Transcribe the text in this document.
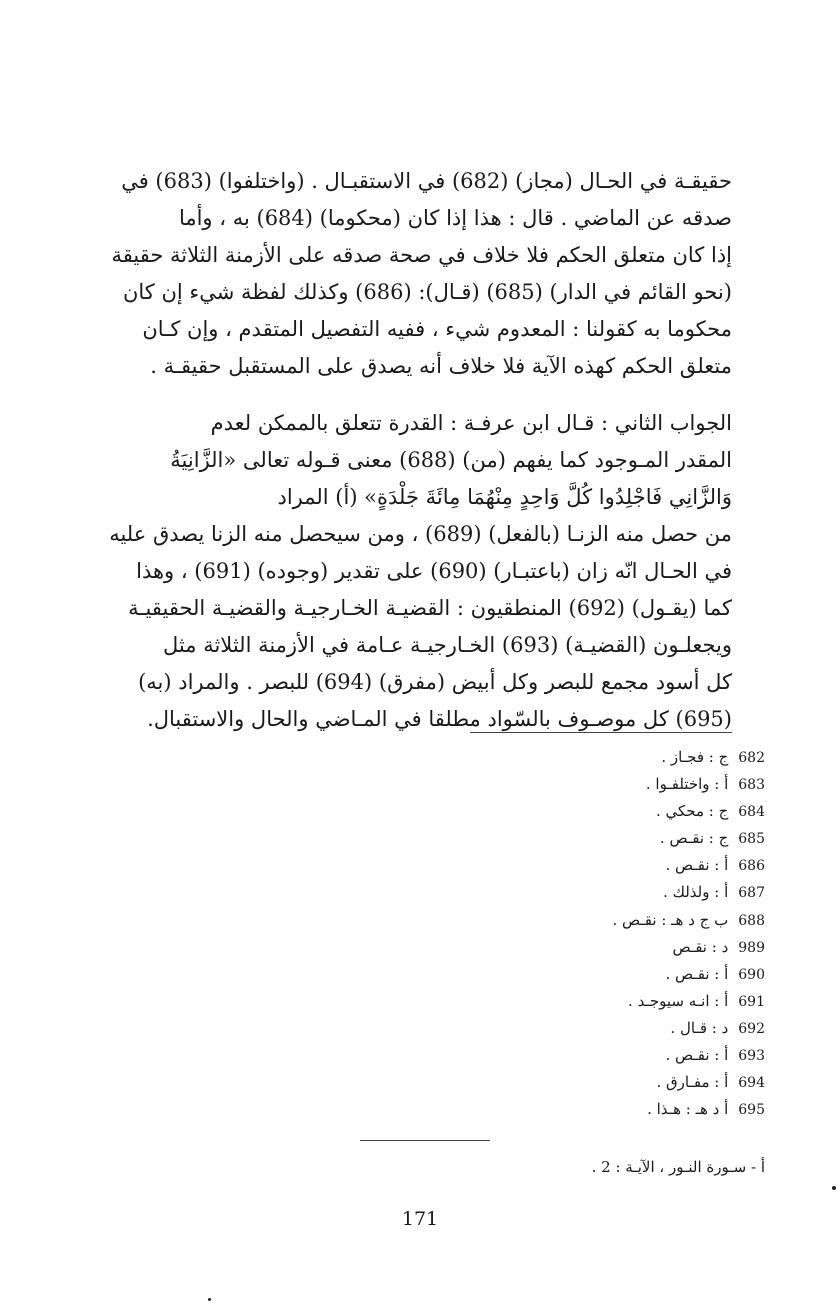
حقيقـة في الحـال (مجاز) (682) في الاستقبـال . (واختلفوا) (683) في
صدقه عن الماضي . قال : هذا إذا كان (محكوما) (684) به ، وأما
إذا كان متعلق الحكم فلا خلاف في صحة صدقه على الأزمنة الثلاثة حقيقة
(نحو القائم في الدار) (685) (قـال): (686) وكذلك لفظة شيء إن كان
محكوما به كقولنا : المعدوم شيء ، ففيه التفصيل المتقدم ، وإن كـان
متعلق الحكم كهذه الآية فلا خلاف أنه يصدق على المستقبل حقيقـة .
الجواب الثاني : قـال ابن عرفـة : القدرة تتعلق بالممكن لعدم
المقدر المـوجود كما يفهم (من) (688) معنى قـوله تعالى «الزَّانِيَةُ
وَالزَّانِي فَاجْلِدُوا كُلَّ وَاحِدٍ مِنْهُمَا مِائَةَ جَلْدَةٍ» (أ) المراد
من حصل منه الزنـا (بالفعل) (689) ، ومن سيحصل منه الزنا يصدق عليه
في الحـال انّه زان (باعتبـار) (690) على تقدير (وجوده) (691) ، وهذا
كما (يقـول) (692) المنطقيون : القضيـة الخـارجيـة والقضيـة الحقيقيـة
ويجعلـون (القضيـة) (693) الخـارجيـة عـامة في الأزمنة الثلاثة مثل
كل أسود مجمع للبصر وكل أبيض (مفرق) (694) للبصر . والمراد (به)
(695) كل موصـوف بالسّواد مطلقا في المـاضي والحال والاستقبال.
682ج : فجـاز .
683أ : واختلفـوا .
684ج : محكي .
685ج : نقـص .
686أ : نقـص .
687أ : ولذلك .
688ب ج د هـ : نقـص .
989د : نقـص
690أ : نقـص .
691أ : انـه سيوجـد .
692د : قـال .
693أ : نقـص .
694أ : مفـارق .
695أ د هـ : هـذا .
أ - سـورة النـور ، الآيـة : 2 .
171
